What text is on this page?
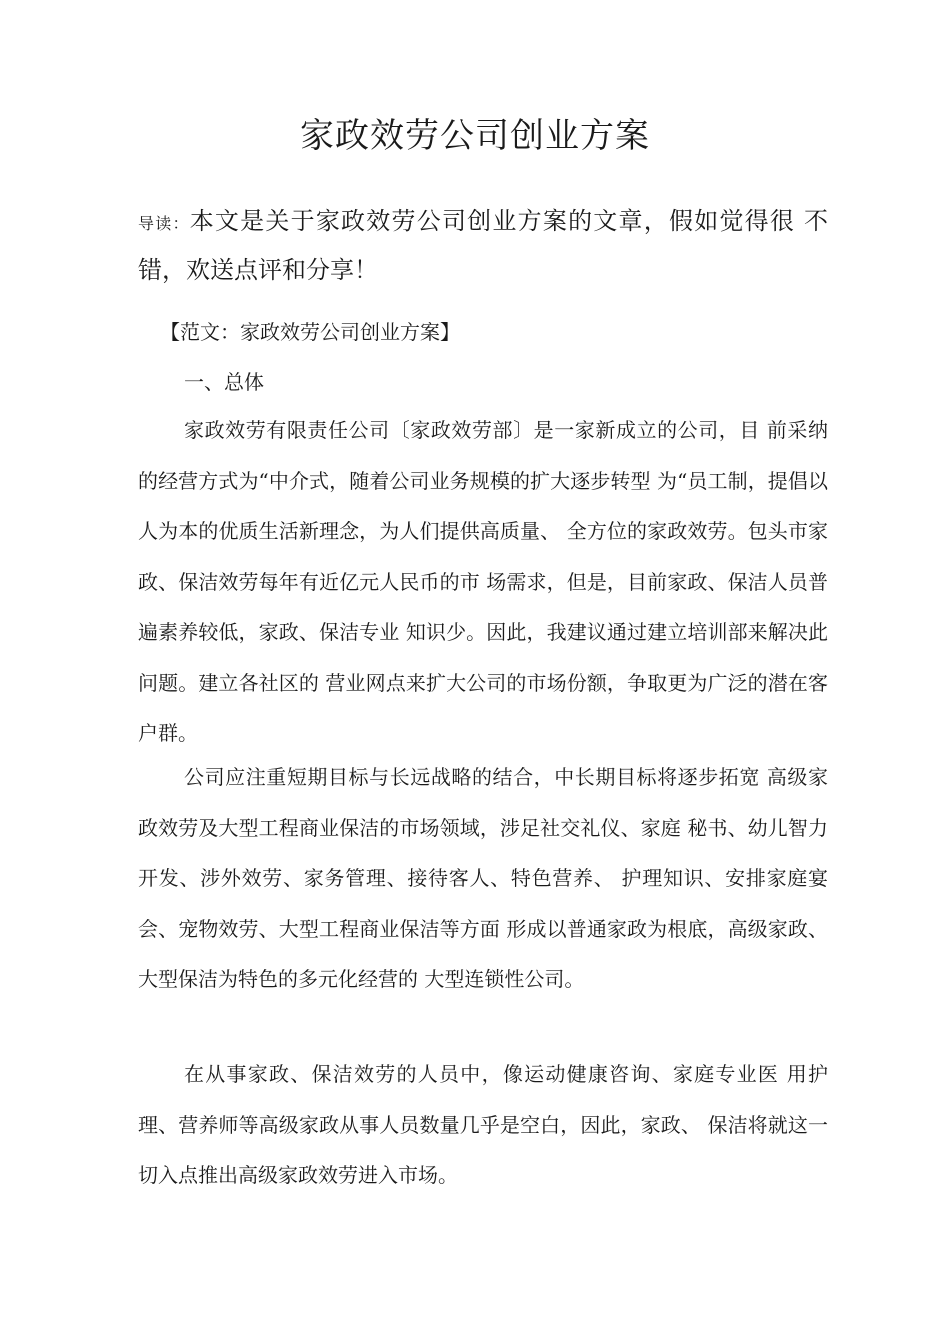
家政效劳公司创业方案

导读：本文是关于家政效劳公司创业方案的文章，假如觉得很 不错，欢送点评和分享！

【范文：家政效劳公司创业方案】

一、总体

家政效劳有限责任公司〔家政效劳部〕是一家新成立的公司，目 前采纳的经营方式为“中介式，随着公司业务规模的扩大逐步转型 为“员工制，提倡以人为本的优质生活新理念，为人们提供高质量、 全方位的家政效劳。包头市家政、保洁效劳每年有近亿元人民币的市 场需求，但是，目前家政、保洁人员普遍素养较低，家政、保洁专业 知识少。因此，我建议通过建立培训部来解决此问题。建立各社区的 营业网点来扩大公司的市场份额，争取更为广泛的潜在客户群。

公司应注重短期目标与长远战略的结合，中长期目标将逐步拓宽 高级家政效劳及大型工程商业保洁的市场领域，涉足社交礼仪、家庭 秘书、幼儿智力开发、涉外效劳、家务管理、接待客人、特色营养、 护理知识、安排家庭宴会、宠物效劳、大型工程商业保洁等方面 形成以普通家政为根底，高级家政、大型保洁为特色的多元化经营的 大型连锁性公司。

在从事家政、保洁效劳的人员中，像运动健康咨询、家庭专业医 用护理、营养师等高级家政从事人员数量几乎是空白，因此，家政、 保洁将就这一切入点推出高级家政效劳进入市场。
